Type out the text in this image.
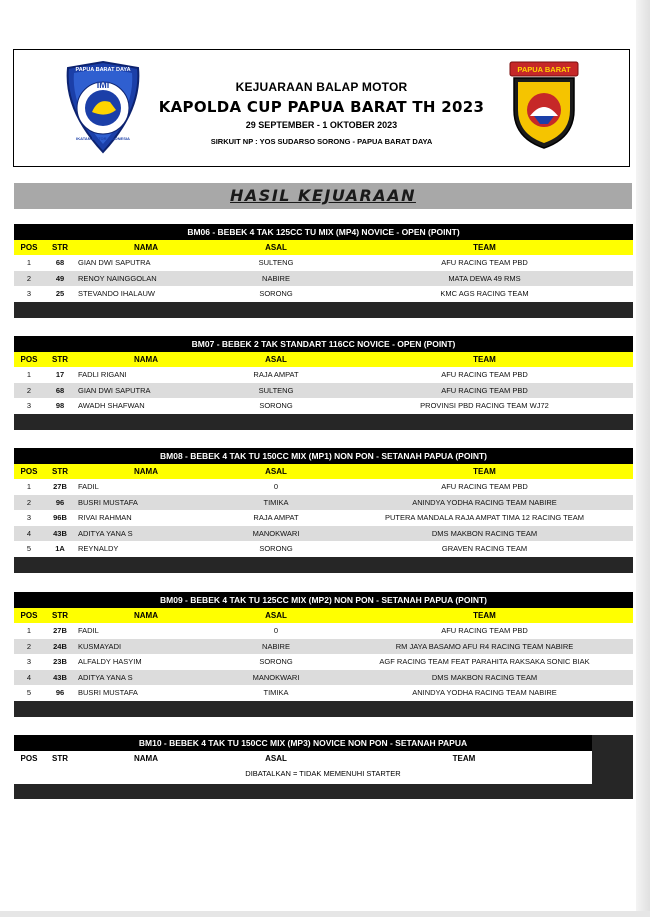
PAPUA BARAT DAYA
IMI
IKATAN MOTOR INDONESIA
KEJUARAAN BALAP MOTOR
KAPOLDA CUP PAPUA BARAT TH 2023
29 SEPTEMBER - 1 OKTOBER 2023
SIRKUIT NP : YOS SUDARSO SORONG - PAPUA BARAT DAYA
PAPUA BARAT
HASIL KEJUARAAN
BM06 - BEBEK 4 TAK 125CC TU MIX (MP4) NOVICE - OPEN (POINT)
POS	STR	NAMA	ASAL	TEAM
1	68	GIAN DWI SAPUTRA	SULTENG	AFU RACING TEAM PBD
2	49	RENOY NAINGGOLAN	NABIRE	MATA DEWA 49 RMS
3	25	STEVANDO IHALAUW	SORONG	KMC AGS RACING TEAM
BM07 - BEBEK 2 TAK STANDART 116CC NOVICE - OPEN (POINT)
POS	STR	NAMA	ASAL	TEAM
1	17	FADLI RIGANI	RAJA AMPAT	AFU RACING TEAM PBD
2	68	GIAN DWI SAPUTRA	SULTENG	AFU RACING TEAM PBD
3	98	AWADH SHAFWAN	SORONG	PROVINSI PBD RACING TEAM WJ72
BM08 - BEBEK 4 TAK TU 150CC MIX (MP1) NON PON - SETANAH PAPUA (POINT)
POS	STR	NAMA	ASAL	TEAM
1	27B	FADIL	0	AFU RACING TEAM PBD
2	96	BUSRI MUSTAFA	TIMIKA	ANINDYA YODHA RACING TEAM NABIRE
3	96B	RIVAI RAHMAN	RAJA AMPAT	PUTERA MANDALA RAJA AMPAT TIMA 12 RACING TEAM
4	43B	ADITYA YANA S	MANOKWARI	DMS MAKBON RACING TEAM
5	1A	REYNALDY	SORONG	GRAVEN RACING TEAM
BM09 - BEBEK 4 TAK TU 125CC MIX (MP2) NON PON - SETANAH PAPUA (POINT)
POS	STR	NAMA	ASAL	TEAM
1	27B	FADIL	0	AFU RACING TEAM PBD
2	24B	KUSMAYADI	NABIRE	RM JAYA BASAMO AFU R4 RACING TEAM NABIRE
3	23B	ALFALDY HASYIM	SORONG	AGF RACING TEAM FEAT PARAHITA RAKSAKA SONIC BIAK
4	43B	ADITYA YANA S	MANOKWARI	DMS MAKBON RACING TEAM
5	96	BUSRI MUSTAFA	TIMIKA	ANINDYA YODHA RACING TEAM NABIRE
BM10 - BEBEK 4 TAK TU 150CC MIX (MP3) NOVICE NON PON - SETANAH PAPUA
POS	STR	NAMA	ASAL	TEAM
DIBATALKAN = TIDAK MEMENUHI STARTER
